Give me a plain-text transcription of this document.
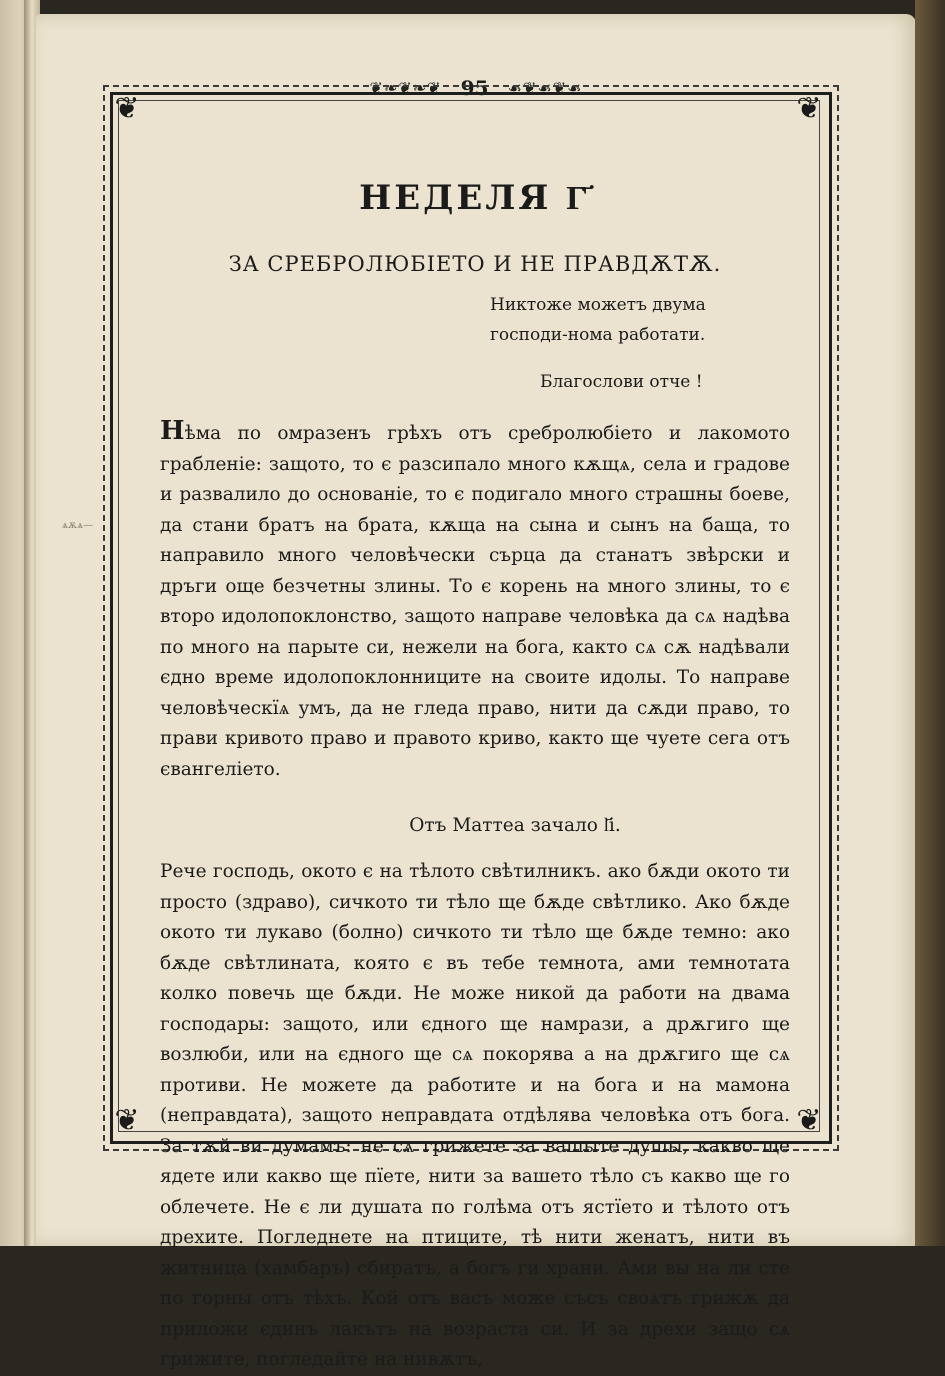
ѧѫѧ—
❦❧❦❧❦ 95 ☙❦☙❦☙
❦	❦
❦	❦
НЕДЕЛЯ Г҃
ЗА СРЕБРОЛЮБІЕТО И НЕ ПРАВДѪТѪ.
Никтоже можетъ двума господи-нома работати.
Благослови отче !
Нѣма по омразенъ грѣхъ отъ сребролюбіето и лакомото грабленіе: защото, то є разсипало много кѫщѧ, села и градове и развалило до основаніе, то є подигало много страшны боеве, да стани братъ на брата, кѫща на сына и сынъ на баща, то направило много человѣчески сърца да станатъ звѣрски и дръги още безчетны злины. То є корень на много злины, то є второ идолопоклонство, защото направе человѣка да сѧ надѣва по много на парыте си, нежели на бога, както сѧ сѫ надѣвали єдно време идолопоклонниците на своите идолы. То направе человѣческїѧ умъ, да не гледа право, нити да сѫди право, то прави кривото право и правото криво, както ще чуете сега отъ євангеліето.
Отъ Маттеа зачало ӏ҃і.
Рече господь, окото є на тѣлото свѣтилникъ. ако бѫди окото ти просто (здраво), сичкото ти тѣло ще бѫде свѣтлико. Ако бѫде окото ти лукаво (болно) сичкото ти тѣло ще бѫде темно: ако бѫде свѣтлината, която є въ тебе темнота, ами темнотата колко повечь ще бѫди. Не може никой да работи на двама господары: защото, или єдного ще намрази, а дрѫгиго ще возлюби, или на єдного ще сѧ покорява а на дрѫгиго ще сѧ противи. Не можете да работите и на бога и на мамона (неправдата), защото неправдата отдѣлява человѣка отъ бога. За тѫй ви думамъ: не сѧ грижете за вашыте душы, какво ще ядете или какво ще пїете, нити за вашето тѣло съ какво ще го облечете. Не є ли душата по голѣма отъ ястїето и тѣлото отъ дрехите. Погледнете на птиците, тѣ нити женатъ, нити въ житница (хамбаръ) сбиратъ, а богъ ги храни. Ами вы на ли сте по горны отъ тѣхъ. Кой отъ васъ може съсъ своѧтъ грижѫ да приложи єдинъ лакътъ на возраста си. И за дрехи защо сѧ грижите, погледайте на нивѫтъ,
